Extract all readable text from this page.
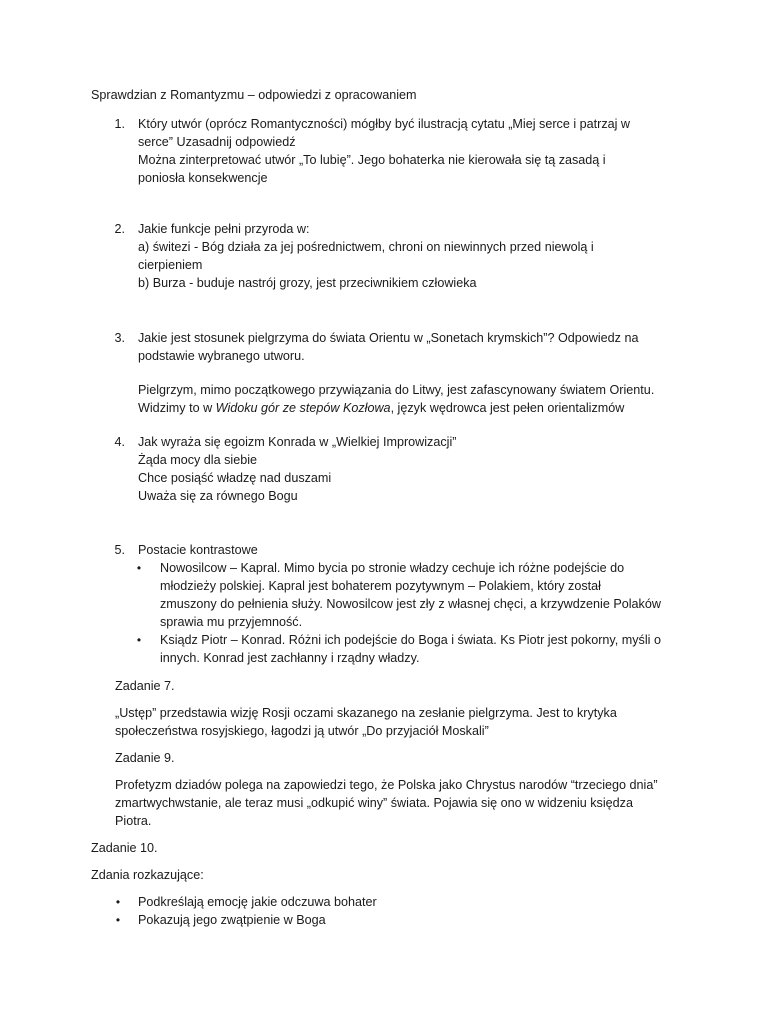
Sprawdzian z Romantyzmu – odpowiedzi z opracowaniem
1. Który utwór (oprócz Romantyczności) mógłby być ilustracją cytatu „Miej serce i patrzaj w
serce” Uzasadnij odpowiedź
Można zinterpretować utwór „To lubię”. Jego bohaterka nie kierowała się tą zasadą i
poniosła konsekwencje
2. Jakie funkcje pełni przyroda w:
a) świtezi - Bóg działa za jej pośrednictwem, chroni on niewinnych przed niewolą i
cierpieniem
b) Burza - buduje nastrój grozy, jest przeciwnikiem człowieka
3. Jakie jest stosunek pielgrzyma do świata Orientu w „Sonetach krymskich”? Odpowiedz na
podstawie wybranego utworu.
Pielgrzym, mimo początkowego przywiązania do Litwy, jest zafascynowany światem Orientu.
Widzimy to w Widoku gór ze stepów Kozłowa, język wędrowca jest pełen orientalizmów
4. Jak wyraża się egoizm Konrada w „Wielkiej Improwizacji”
Żąda mocy dla siebie
Chce posiąść władzę nad duszami
Uważa się za równego Bogu
5. Postacie kontrastowe
• Nowosilcow – Kapral. Mimo bycia po stronie władzy cechuje ich różne podejście do
młodzieży polskiej. Kapral jest bohaterem pozytywnym – Polakiem, który został
zmuszony do pełnienia służy. Nowosilcow jest zły z własnej chęci, a krzywdzenie Polaków
sprawia mu przyjemność.
• Ksiądz Piotr – Konrad. Różni ich podejście do Boga i świata. Ks Piotr jest pokorny, myśli o
innych. Konrad jest zachłanny i rządny władzy.
Zadanie 7.
„Ustęp” przedstawia wizję Rosji oczami skazanego na zesłanie pielgrzyma. Jest to krytyka
społeczeństwa rosyjskiego, łagodzi ją utwór „Do przyjaciół Moskali”
Zadanie 9.
Profetyzm dziadów polega na zapowiedzi tego, że Polska jako Chrystus narodów “trzeciego dnia”
zmartwychwstanie, ale teraz musi „odkupić winy” świata. Pojawia się ono w widzeniu księdza
Piotra.
Zadanie 10.
Zdania rozkazujące:
• Podkreślają emocję jakie odczuwa bohater
• Pokazują jego zwątpienie w Boga
